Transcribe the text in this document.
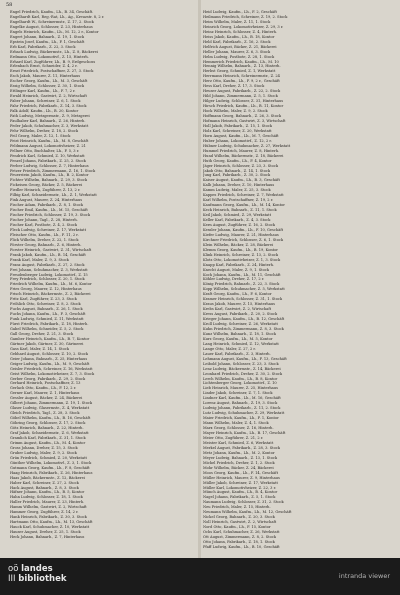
58
Engel Friedrich, Kaufm., Lh., B. 34, Geschäft.
Engelhardt Karl, Reg.-Rat, Lh., Ag., Kreuzstr. 8, 2 r.
Engelhardt W., Schreinermstr., Z. 17, 2. Stock
Engelke August, Schlosser, Z. 23, Hinterhaus
Engels Heinrich, Kaufm., Lh., M. 12, 2 r., Kontor
Engert Johann, Bahnarb., Z. 19, 1. Stock
Epstein Josef, Kaufm., Lh., F. 1, Geschäft
Erb Karl, Fabrikarb., Z. 22, 3. Stock
Erbach Ludwig, Bäckermstr., Lh., Z. 8, Bäckerei
Erdmann Otto, Lokomotivf., Z. 15, Hinterh.
Erhard Karl, Zugführer, Lh., B. 9, Erdgeschoss
Erlenbach Ernst, Schneider, Z. 4, 2 r.
Ernst Friedrich, Postschaffner, Z. 27, 3. Stock
Esch Jakob, Maurer, Z. 11, Hinterhaus
Escher Georg, Kaufm., Lh., M. 3, Geschäft
Essig Wilhelm, Schlosser, Z. 30, 1. Stock
Ettlinger Karl, Kaufm., Lh., F. 7, 2 r.
Ewald Heinrich, Gastwirt, Z. 2, Wirtschaft
Faber Johann, Schreiner, Z. 6, 1. Stock
Fahr Friedrich, Fabrikarb., Z. 14, 3. Stock
Falk Adolf, Kaufm., Lh., B. 20, Kontor
Fath Ludwig, Metzgermstr., Z. 9, Metzgerei
Faulhaber Karl, Bahnarb., Z. 26, Hinterh.
Feder Jakob, Schuhmacher, Z. 3, Werkstatt
Fehr Wilhelm, Dreher, Z. 18, 2. Stock
Feil Georg, Maler, Z. 12, 1. Stock
Feist Heinrich, Kaufm., Lh., M. 8, Geschäft
Feldmann August, Lokomotivheizer, Z. 21
Fellner Otto, Buchhalter, Lh., F. 5, 3 r.
Fendrich Karl, Schmied, Z. 10, Werkstatt
Fenzel Johann, Fabrikarb., Z. 25, 2. Stock
Ferber Ludwig, Schlosser, Z. 7, Hinterhaus
Fetzer Friedrich, Zimmermann, Z. 16, 1. Stock
Feuerstein Jakob, Kaufm., Lh., B. 2, Kontor
Fichter Wilhelm, Bahnarb., Z. 29, 3. Stock
Fickeisen Georg, Bäcker, Z. 5, Bäckerei
Fiedler Heinrich, Zugführer, Z. 13, 2 r.
Filbig Karl, Schneidermstr., Lh., Z. 1, Werkstatt
Fink August, Maurer, Z. 24, Hinterhaus
Fischer Adam, Fabrikarb., Z. 8, 1. Stock
Fischer Emil, Kaufm., Lh., M. 15, Geschäft
Fischer Friedrich, Schlosser, Z. 19, 3. Stock
Fischer Johann, Tagl., Z. 28, Hinterh.
Fischer Karl, Postbote, Z. 4, 2. Stock
Fleck Ludwig, Schreiner, Z. 17, Werkstatt
Fleischer Otto, Kaufm., Lh., F. 11, 2 r.
Flick Wilhelm, Dreher, Z. 22, 1. Stock
Förster Georg, Bahnarb., Z. 6, Hinterh.
Forster Heinrich, Gastwirt, Z. 31, Wirtschaft
Frank Jakob, Kaufm., Lh., B. 14, Geschäft
Frank Karl, Maler, Z. 9, 3. Stock
Franz August, Fabrikarb., Z. 27, 2. Stock
Frei Johann, Schuhmacher, Z. 3, Werkstatt
Freudenberger Ludwig, Lokomotivf., Z. 15
Frey Friedrich, Schlosser, Z. 20, 1. Stock
Friedrich Wilhelm, Kaufm., Lh., M. 6, Kontor
Fries Georg, Maurer, Z. 12, Hinterhaus
Frisch Heinrich, Bäckermstr., Z. 2, Bäckerei
Fritz Karl, Zugführer, Z. 23, 3. Stock
Fröhlich Otto, Schreiner, Z. 8, 2. Stock
Fuchs August, Bahnarb., Z. 26, 1. Stock
Fuchs Johann, Kaufm., Lh., F. 3, Geschäft
Funk Ludwig, Schmied, Z. 11, Werkstatt
Fürst Friedrich, Fabrikarb., Z. 18, Hinterh.
Gabel Wilhelm, Schneider, Z. 5, 2. Stock
Gall Georg, Dreher, Z. 21, 3. Stock
Gamber Heinrich, Kaufm., Lh., B. 7, Kontor
Gärtner Jakob, Gärtner, Z. 30, Gärtnerei
Gass Karl, Maler, Z. 14, 1. Stock
Gebhard August, Schlosser, Z. 10, 2. Stock
Geier Johann, Bahnarb., Z. 25, Hinterhaus
Geiger Ludwig, Kaufm., Lh., M. 9, Geschäft
Geisler Friedrich, Schreiner, Z. 16, Werkstatt
Geist Wilhelm, Lokomotivheizer, Z. 7, 3. Stock
Gerber Georg, Fabrikarb., Z. 29, 2. Stock
Gerhard Heinrich, Postschaffner, Z. 13
Gerlach Otto, Kaufm., Lh., F. 12, 2 r.
Gerner Karl, Maurer, Z. 1, Hinterhaus
Gessler August, Bäcker, Z. 24, Bäckerei
Gilbert Johann, Zimmermann, Z. 19, 1. Stock
Glaser Ludwig, Glasermstr., Z. 4, Werkstatt
Gleich Friedrich, Tagl., Z. 28, 3. Stock
Göbel Wilhelm, Kaufm., Lh., B. 16, Geschäft
Göhring Georg, Schlosser, Z. 17, 2. Stock
Götz Heinrich, Bahnarb., Z. 22, Hinterh.
Graf Jakob, Schneidermstr., Z. 6, Werkstatt
Gramlich Karl, Fabrikarb., Z. 31, 1. Stock
Grimm August, Kaufm., Lh., M. 4, Kontor
Gross Johann, Dreher, Z. 15, 3. Stock
Gruber Ludwig, Maler, Z. 9, 2. Stock
Grün Friedrich, Schmied, Z. 20, Werkstatt
Günther Wilhelm, Lokomotivf., Z. 3, 1. Stock
Gutmann Georg, Kaufm., Lh., F. 8, Geschäft
Haag Heinrich, Fabrikarb., Z. 26, Hinterhaus
Haas Jakob, Bäckermstr., Z. 12, Bäckerei
Haber Karl, Schreiner, Z. 27, 2. Stock
Hack August, Bahnarb., Z. 8, 3. Stock
Häfner Johann, Kaufm., Lh., B. 5, Kontor
Hahn Ludwig, Schlosser, Z. 18, 1. Stock
Haller Friedrich, Maurer, Z. 23, Hinterh.
Hamm Wilhelm, Gastwirt, Z. 2, Wirtschaft
Hammer Georg, Zugführer, Z. 14, 2 r.
Hank Heinrich, Fabrikarb., Z. 30, 3. Stock
Hartmann Otto, Kaufm., Lh., M. 13, Geschäft
Hauck Karl, Schuhmacher, Z. 10, Werkstatt
Hauser August, Dreher, Z. 25, 1. Stock
Heck Johann, Bahnarb., Z. 7, Hinterhaus
Heid Ludwig, Kaufm., Lh., F. 2, Geschäft
Heilmann Friedrich, Schreiner, Z. 19, 2. Stock
Heim Wilhelm, Maler, Z. 11, 1. Stock
Heinrich Georg, Lokomotivheizer, Z. 29, 3 r.
Heinz Heinrich, Schlosser, Z. 4, Hinterh.
Heiss Jakob, Kaufm., Lh., B. 18, Kontor
Held Karl, Fabrikarb., Z. 16, 2. Stock
Helfrich August, Bäcker, Z. 21, Bäckerei
Heller Johann, Maurer, Z. 6, 3. Stock
Helm Ludwig, Postbote, Z. 28, 1. Stock
Hemmerich Friedrich, Kaufm., Lh., M. 10
Hennig Wilhelm, Bahnarb., Z. 13, Hinterh.
Herbst Georg, Schmied, Z. 1, Werkstatt
Herrmann Heinrich, Schreinermstr., Z. 24
Herz Otto, Kaufm., Lh., F. 9, 2 r., Geschäft
Hess Karl, Dreher, Z. 17, 3. Stock
Heuser August, Fabrikarb., Z. 22, 2. Stock
Hild Johann, Zimmermann, Z. 5, 1. Stock
Hilger Ludwig, Schlosser, Z. 31, Hinterhaus
Hirsch Friedrich, Kaufm., Lh., B. 11, Kontor
Hock Wilhelm, Maler, Z. 9, 2. Stock
Hoffmann Georg, Bahnarb., Z. 26, 3. Stock
Hofmann Heinrich, Gastwirt, Z. 3, Wirtschaft
Holl Jakob, Fabrikarb., Z. 15, 1. Stock
Holz Karl, Schreiner, Z. 20, Werkstatt
Horn August, Kaufm., Lh., M. 7, Geschäft
Huber Johann, Lokomotivf., Z. 12, 2 r.
Hübner Ludwig, Schuhmacher, Z. 27, Werkstatt
Hummel Friedrich, Maurer, Z. 8, Hinterh.
Hund Wilhelm, Bäckermstr., Z. 18, Bäckerei
Huth Georg, Kaufm., Lh., F. 4, Kontor
Jäger Heinrich, Schlosser, Z. 23, 3. Stock
Jakob Otto, Bahnarb., Z. 14, 1. Stock
Jung Karl, Fabrikarb., Z. 30, 2. Stock
Kaiser August, Kaufm., Lh., B. 3, Geschäft
Kalb Johann, Dreher, Z. 10, Hinterhaus
Kamm Ludwig, Maler, Z. 25, 3. Stock
Kappes Friedrich, Schreiner, Z. 7, Werkstatt
Karl Wilhelm, Postschaffner, Z. 19, 2 r.
Kaufmann Georg, Kaufm., Lh., M. 14, Kontor
Keck Heinrich, Bahnarb., Z. 11, 1. Stock
Keil Jakob, Schmied, Z. 29, Werkstatt
Keller Karl, Fabrikarb., Z. 4, 3. Stock
Kern August, Zugführer, Z. 16, 2. Stock
Kessler Johann, Kaufm., Lh., F. 10, Geschäft
Kiefer Ludwig, Maurer, Z. 21, Hinterhaus
Kirchner Friedrich, Schlosser, Z. 6, 1. Stock
Klein Wilhelm, Bäcker, Z. 28, Bäckerei
Klemm Georg, Kaufm., Lh., B. 19, Kontor
Klink Heinrich, Schreiner, Z. 13, 2. Stock
Klotz Otto, Lokomotivheizer, Z. 1, 3. Stock
Knapp Karl, Fabrikarb., Z. 24, Hinterh.
Knecht August, Maler, Z. 9, 1. Stock
Koch Johann, Kaufm., Lh., M. 11, Geschäft
Köhler Ludwig, Dreher, Z. 17, 2 r.
König Friedrich, Bahnarb., Z. 22, 3. Stock
Kopp Wilhelm, Schuhmacher, Z. 5, Werkstatt
Kraft Georg, Kaufm., Lh., F. 6, Kontor
Kramer Heinrich, Schlosser, Z. 31, 1. Stock
Kraus Jakob, Maurer, Z. 15, Hinterhaus
Krebs Karl, Gastwirt, Z. 2, Wirtschaft
Kress August, Fabrikarb., Z. 20, 2. Stock
Krieger Johann, Kaufm., Lh., B. 12, Geschäft
Kroll Ludwig, Schreiner, Z. 26, Werkstatt
Kuhn Friedrich, Zimmermann, Z. 8, 3. Stock
Kunz Wilhelm, Bahnarb., Z. 18, 1. Stock
Kurz Georg, Kaufm., Lh., M. 5, Kontor
Lang Heinrich, Schmied, Z. 12, Werkstatt
Lange Otto, Maler, Z. 27, 2 r.
Lauer Karl, Fabrikarb., Z. 3, Hinterh.
Lehmann August, Kaufm., Lh., F. 13, Geschäft
Leibold Johann, Schlosser, Z. 23, 3. Stock
Lenz Ludwig, Bäckermstr., Z. 14, Bäckerei
Leonhard Friedrich, Dreher, Z. 30, 2. Stock
Lerch Wilhelm, Kaufm., Lh., B. 8, Kontor
Lichtenberger Georg, Lokomotivf., Z. 10
Lieb Heinrich, Maurer, Z. 25, Hinterhaus
Linder Jakob, Schreiner, Z. 7, 1. Stock
Lindner Karl, Kaufm., Lh., M. 16, Geschäft
Lorenz August, Bahnarb., Z. 19, 3. Stock
Ludwig Johann, Fabrikarb., Z. 11, 2. Stock
Lutz Ludwig, Schuhmacher, Z. 29, Werkstatt
Maier Friedrich, Kaufm., Lh., F. 1, Kontor
Mann Wilhelm, Maler, Z. 4, 1. Stock
Marx Georg, Schlosser, Z. 16, Hinterh.
Mayer Heinrich, Kaufm., Lh., B. 17, Geschäft
Meier Otto, Zugführer, Z. 21, 2 r.
Meister Karl, Schmied, Z. 6, Werkstatt
Merkel August, Fabrikarb., Z. 28, 3. Stock
Metz Johann, Kaufm., Lh., M. 2, Kontor
Meyer Ludwig, Bahnarb., Z. 13, 1. Stock
Michel Friedrich, Dreher, Z. 1, 2. Stock
Mohr Wilhelm, Bäcker, Z. 24, Bäckerei
Moos Georg, Kaufm., Lh., F. 14, Geschäft
Müller Heinrich, Maurer, Z. 9, Hinterhaus
Müller Jakob, Schreiner, Z. 17, Werkstatt
Müller Karl, Lokomotivheizer, Z. 22, 3 r.
Münch August, Kaufm., Lh., B. 4, Kontor
Nagel Johann, Fabrikarb., Z. 5, 1. Stock
Naumann Ludwig, Schlosser, Z. 31, 2. Stock
Neu Friedrich, Maler, Z. 15, Hinterh.
Neumann Wilhelm, Kaufm., Lh., M. 12, Geschäft
Nickel Georg, Bahnarb., Z. 20, 3. Stock
Noll Heinrich, Gastwirt, Z. 2, Wirtschaft
Nord Otto, Kaufm., Lh., F. 15, Kontor
Ochs Karl, Schuhmacher, Z. 26, Werkstatt
Ott August, Zimmermann, Z. 8, 2. Stock
Otto Johann, Fabrikarb., Z. 18, 1. Stock
Pfaff Ludwig, Kaufm., Lh., B. 10, Geschäft
oö landes
III bibliothek	intranda viewer
